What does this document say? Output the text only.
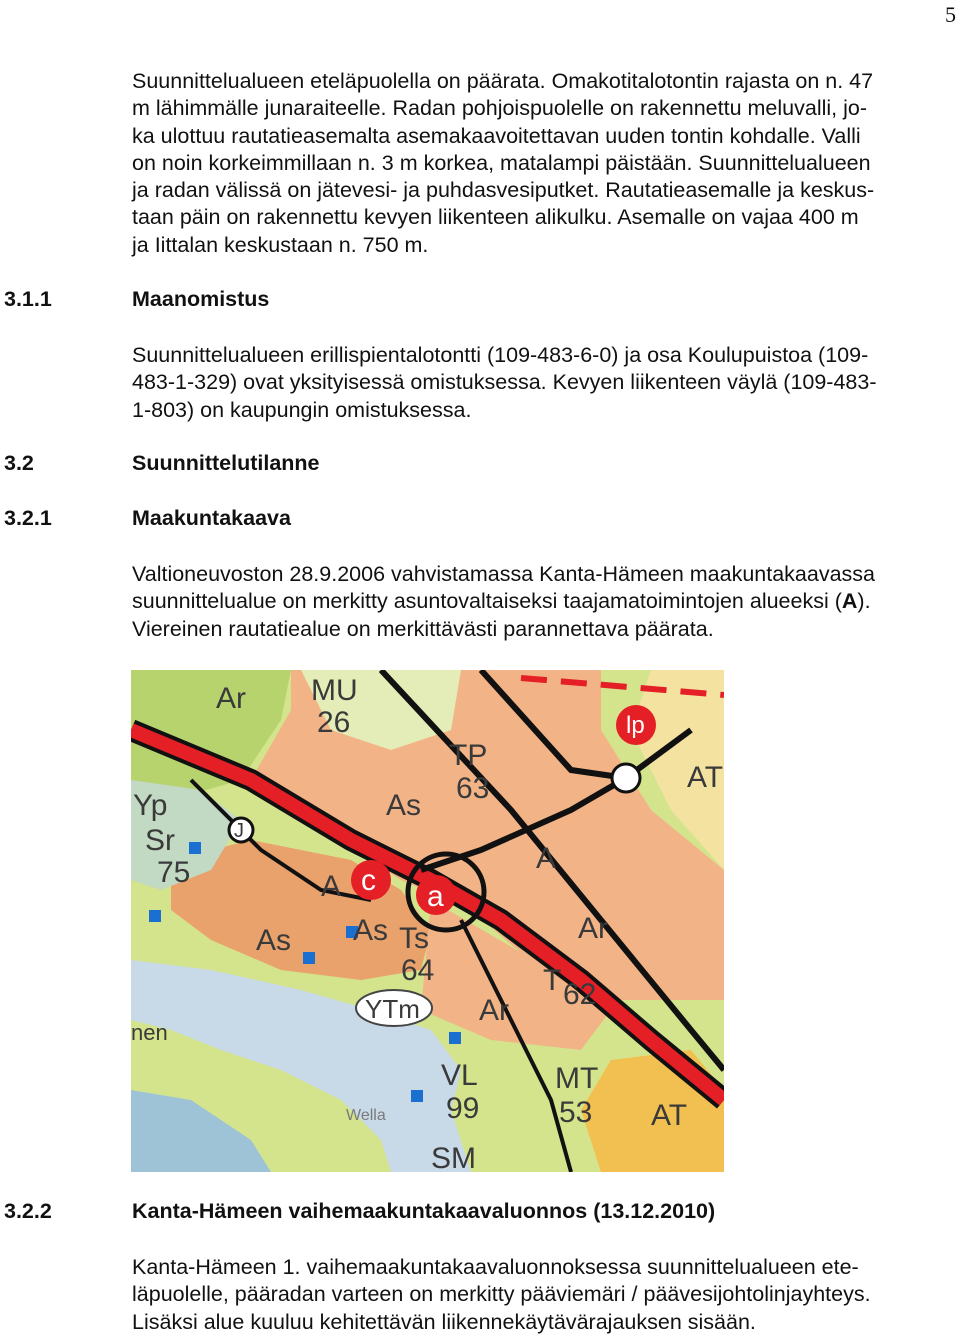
5
Suunnittelualueen eteläpuolella on päärata. Omakotitalotontin rajasta on n. 47
m lähimmälle junaraiteelle. Radan pohjoispuolelle on rakennettu meluvalli, jo-
ka ulottuu rautatieasemalta asemakaavoitettavan uuden tontin kohdalle. Valli
on noin korkeimmillaan n. 3 m korkea, matalampi päistään. Suunnittelualueen
ja radan välissä on jätevesi- ja puhdasvesiputket. Rautatieasemalle ja keskus-
taan päin on rakennettu kevyen liikenteen alikulku. Asemalle on vajaa 400 m
ja Iittalan keskustaan n. 750 m.
3.1.1	Maanomistus
Suunnittelualueen erillispientalotontti (109-483-6-0) ja osa Koulupuistoa (109-
483-1-329) ovat yksityisessä omistuksessa. Kevyen liikenteen väylä (109-483-
1-803) on kaupungin omistuksessa.
3.2	Suunnittelutilanne
3.2.1	Maakuntakaava
Valtioneuvoston 28.9.2006 vahvistamassa Kanta-Hämeen maakuntakaavassa
suunnittelualue on merkitty asuntovaltaiseksi taajamatoimintojen alueeksi (A).
Viereinen rautatiealue on merkittävästi parannettava päärata.
Ar MU
26
TP
63
As
Yp
Sr
75
J
A c a
A
As As Ts
64
Ar
T 62
YTm Ar
VL
99
MT
53 AT
AT
lp
SM
nen
Wella
3.2.2	Kanta-Hämeen vaihemaakuntakaavaluonnos (13.12.2010)
Kanta-Hämeen 1. vaihemaakuntakaavaluonnoksessa suunnittelualueen ete-
läpuolelle, pääradan varteen on merkitty pääviemäri / päävesijohtolinjayhteys.
Lisäksi alue kuuluu kehitettävän liikennekäytävärajauksen sisään.
